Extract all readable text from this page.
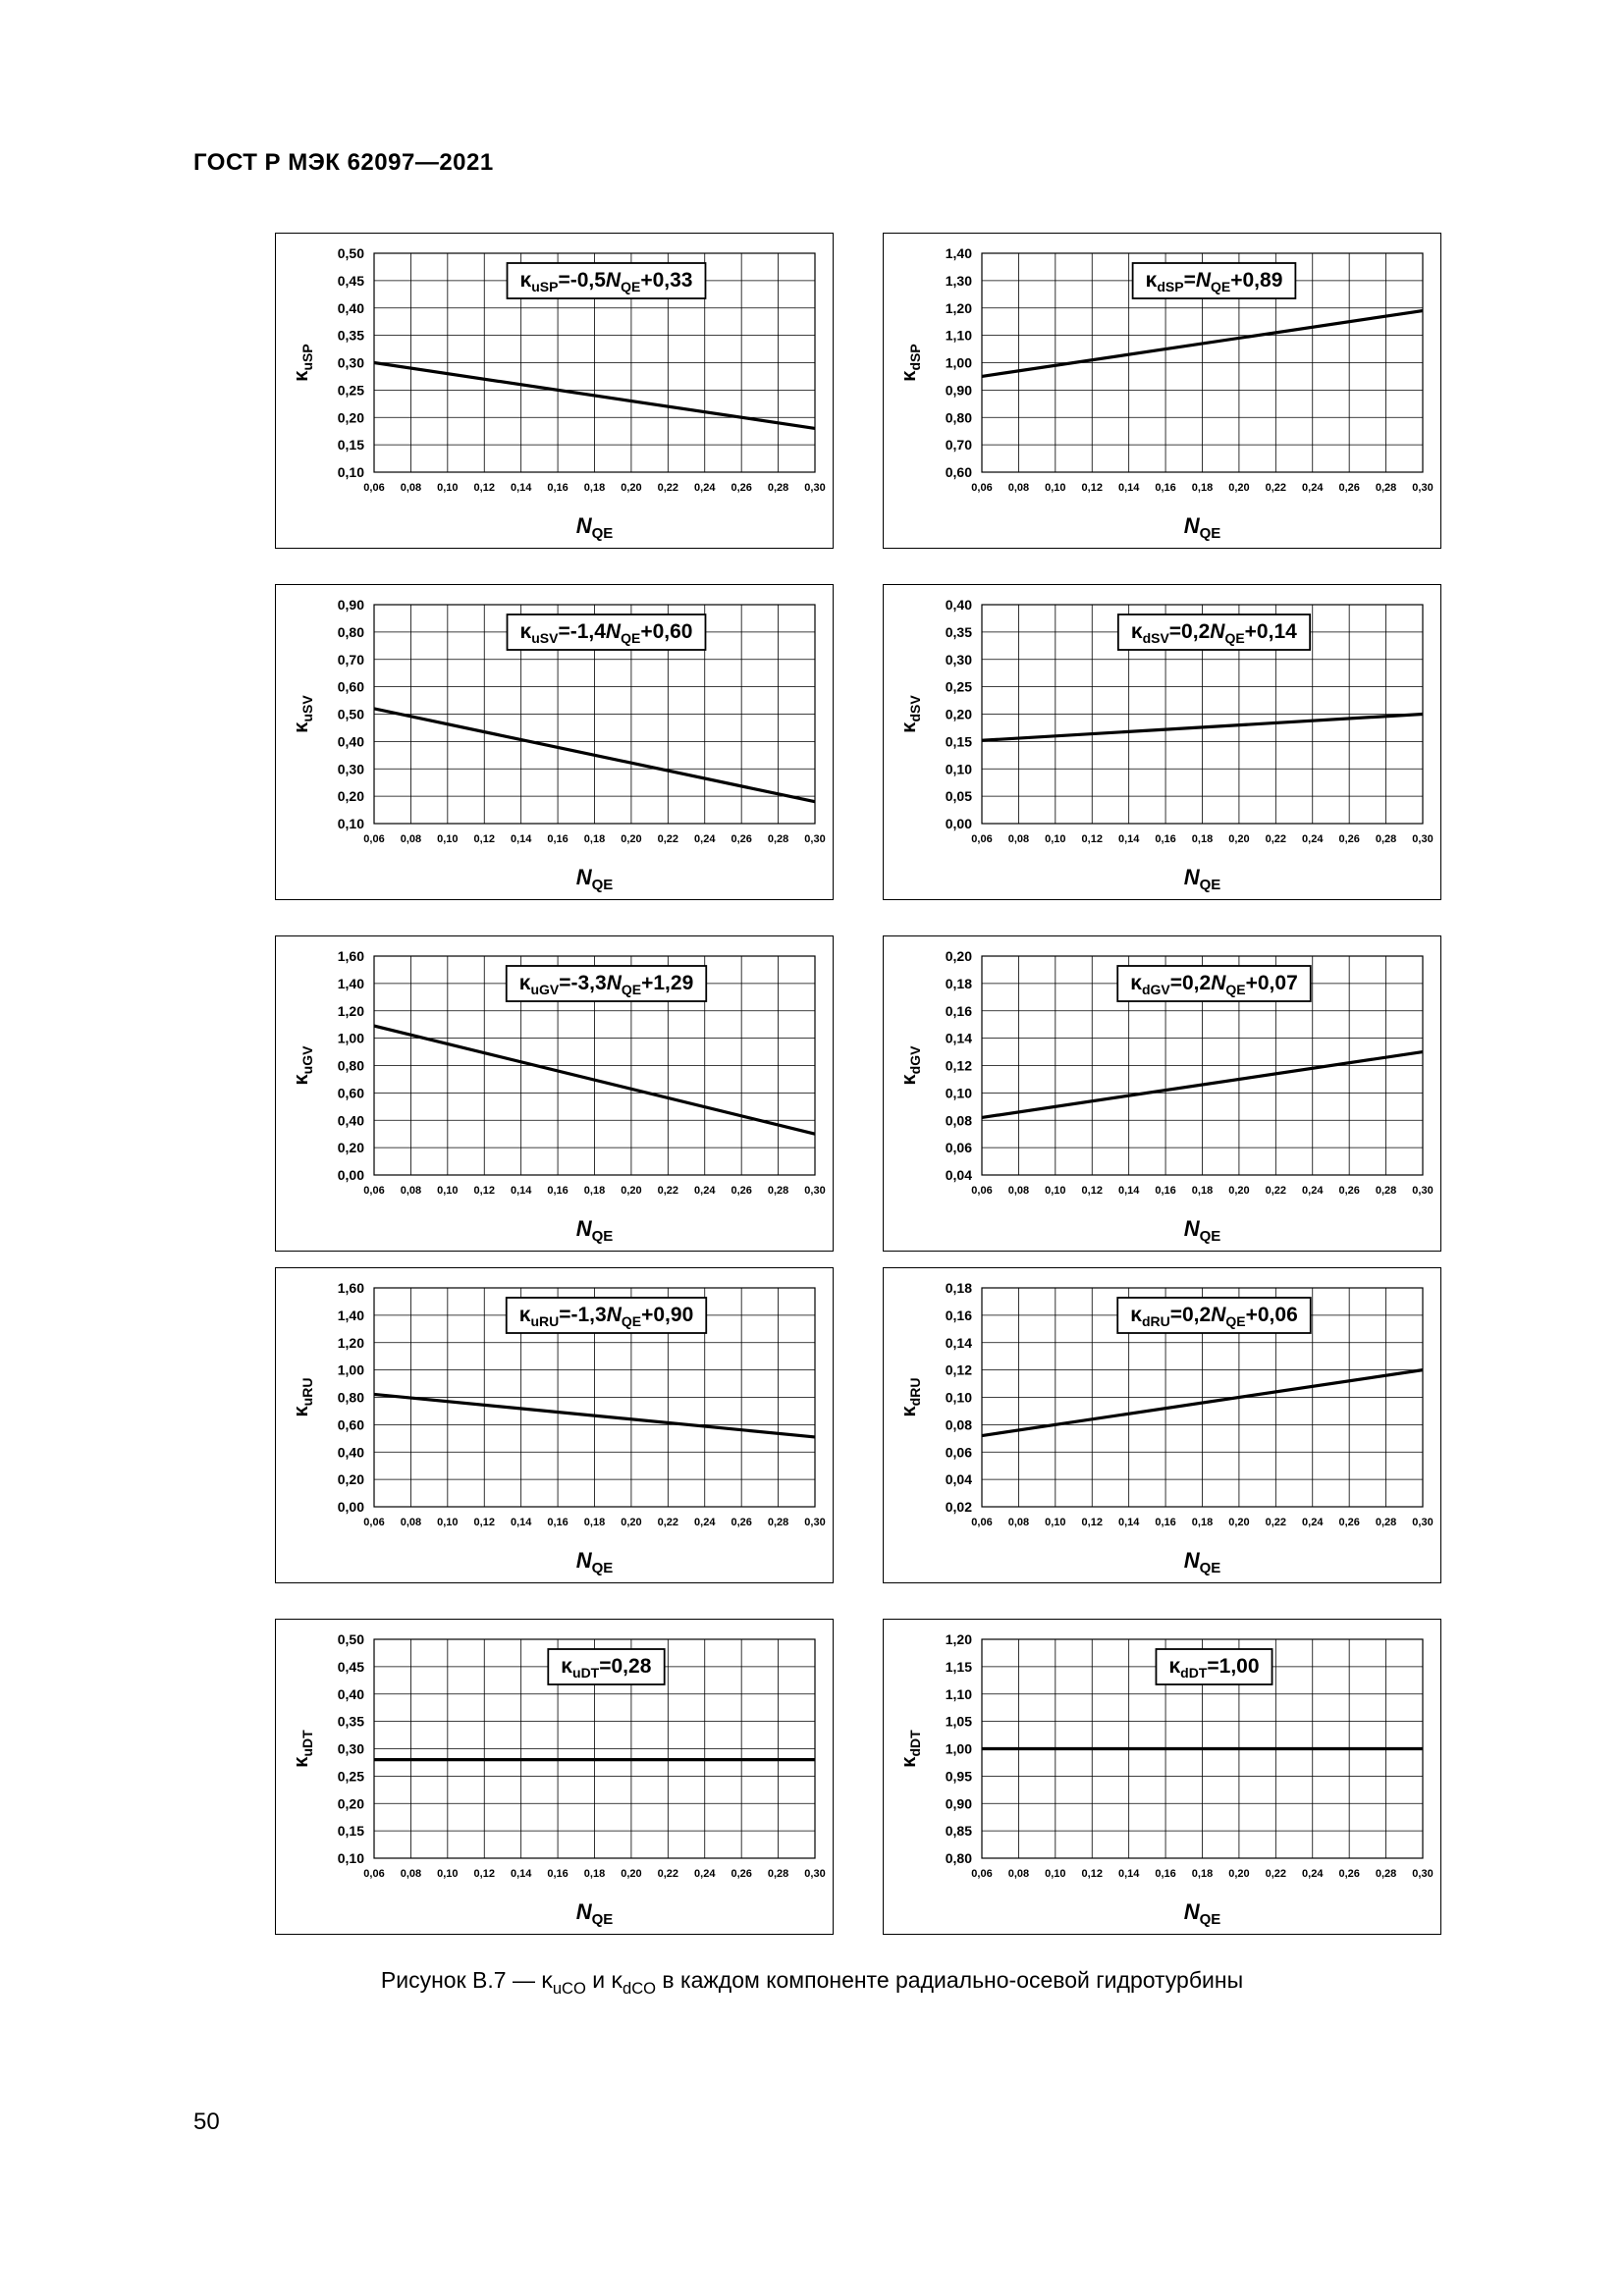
ГОСТ Р МЭК 62097—2021
0,10
0,15
0,20
0,25
0,30
0,35
0,40
0,45
0,50
0,06 0,08 0,10 0,12 0,14 0,16 0,18 0,20 0,22 0,24 0,26 0,28 0,30
$N_{QE}$
$\kappa_{uSP}$
$\kappa_{uSP}=-0,5N_{QE}+0,33$
0,60
0,70
0,80
0,90
1,00
1,10
1,20
1,30
1,40
0,06 0,08 0,10 0,12 0,14 0,16 0,18 0,20 0,22 0,24 0,26 0,28 0,30
$N_{QE}$
$\kappa_{dSP}$
$\kappa_{dSP}=N_{QE}+0,89$
0,10
0,20
0,30
0,40
0,50
0,60
0,70
0,80
0,90
0,06 0,08 0,10 0,12 0,14 0,16 0,18 0,20 0,22 0,24 0,26 0,28 0,30
$N_{QE}$
$\kappa_{uSV}$
$\kappa_{uSV}=-1,4N_{QE}+0,60$
0,00
0,05
0,10
0,15
0,20
0,25
0,30
0,35
0,40
0,06 0,08 0,10 0,12 0,14 0,16 0,18 0,20 0,22 0,24 0,26 0,28 0,30
$N_{QE}$
$\kappa_{dSV}$
$\kappa_{dSV}=0,2N_{QE}+0,14$
0,00
0,20
0,40
0,60
0,80
1,00
1,20
1,40
1,60
0,06 0,08 0,10 0,12 0,14 0,16 0,18 0,20 0,22 0,24 0,26 0,28 0,30
$N_{QE}$
$\kappa_{uGV}$
$\kappa_{uGV}=-3,3N_{QE}+1,29$
0,04
0,06
0,08
0,10
0,12
0,14
0,16
0,18
0,20
0,06 0,08 0,10 0,12 0,14 0,16 0,18 0,20 0,22 0,24 0,26 0,28 0,30
$N_{QE}$
$\kappa_{dGV}$
$\kappa_{dGV}=0,2N_{QE}+0,07$
0,00
0,20
0,40
0,60
0,80
1,00
1,20
1,40
1,60
0,06 0,08 0,10 0,12 0,14 0,16 0,18 0,20 0,22 0,24 0,26 0,28 0,30
$N_{QE}$
$\kappa_{uRU}$
$\kappa_{uRU}=-1,3N_{QE}+0,90$
0,02
0,04
0,06
0,08
0,10
0,12
0,14
0,16
0,18
0,06 0,08 0,10 0,12 0,14 0,16 0,18 0,20 0,22 0,24 0,26 0,28 0,30
$N_{QE}$
$\kappa_{dRU}$
$\kappa_{dRU}=0,2N_{QE}+0,06$
0,10
0,15
0,20
0,25
0,30
0,35
0,40
0,45
0,50
0,06 0,08 0,10 0,12 0,14 0,16 0,18 0,20 0,22 0,24 0,26 0,28 0,30
$N_{QE}$
$\kappa_{uDT}$
$\kappa_{uDT}=0,28$
0,80
0,85
0,90
0,95
1,00
1,05
1,10
1,15
1,20
0,06 0,08 0,10 0,12 0,14 0,16 0,18 0,20 0,22 0,24 0,26 0,28 0,30
$N_{QE}$
$\kappa_{dDT}$
$\kappa_{dDT}=1,00$
Рисунок В.7 — $\kappa_{uCO}$ и $\kappa_{dCO}$ в каждом компоненте радиально-осевой гидротурбины
50
